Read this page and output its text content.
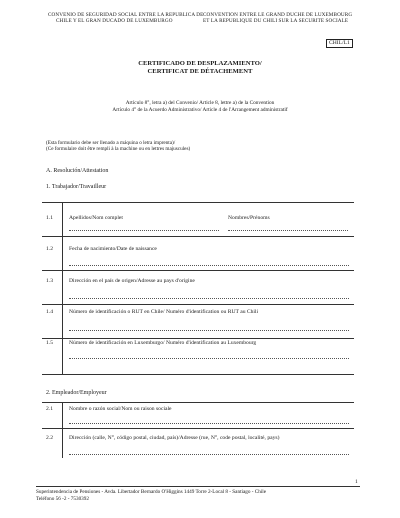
CONVENIO DE SEGURIDAD SOCIAL ENTRE LA REPUBLICA DE
CHILE Y EL GRAN DUCADO DE LUXEMBURGO
CONVENTION ENTRE LE GRAND DUCHE DE LUXEMBOURG
ET LA REPUBLIQUE DU CHILI SUR LA SECURITE SOCIALE
CHIL/L1
CERTIFICADO DE DESPLAZAMIENTO/
CERTIFICAT DE DÉTACHEMENT
Artículo 8°, letra a) del Convenio/ Article 8, lettre a) de la Convention
Artículo 4° de la Acuerdo Administrativo/ Article 4 de l'Arrangement administratif
(Esta formulario debe ser llenado a máquina o letra imprenta)/
(Ce formulaire doit être rempli à la machine ou en lettres majuscules)
A. Resolución/Attestation
1. Trabajador/Travailleur
1.1	Apellidos/Nom complet	Nombres/Prénoms
1.2	Fecha de nacimiento/Date de naissance
1.3	Dirección en el país de origen/Adresse au pays d'origine
1.4	Número de identificación o RUT en Chile/ Numéro d'identification ou RUT au Chili
1.5	Número de identificación en Luxemburgo/ Numéro d'identification au Luxembourg
2. Empleador/Employeur
2.1	Nombre o razón social/Nom ou raison sociale
2.2	Dirección (calle, N°, código postal, ciudad, país)/Adresse (rue, N°, code postal, localité, pays)
1
Superintendencia de Pensiones - Avda. Libertador Bernardo O'Higgins 1449 Torre 2-Local 8 - Santiago - Chile
Teléfono 56 -2 - 7530392
